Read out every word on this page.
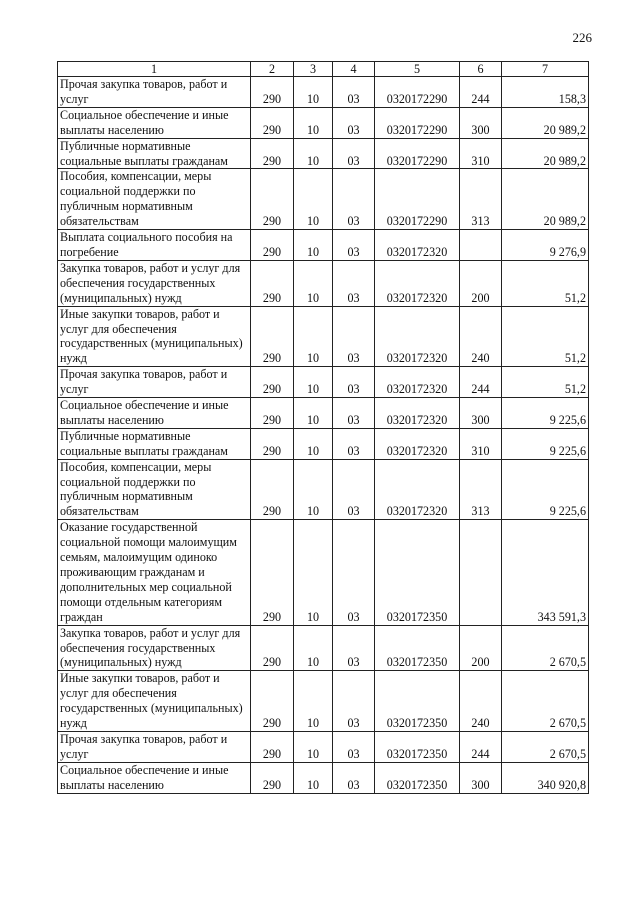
226
1	2	3	4	5	6	7
Прочая закупка товаров, работ и услуг	290	10	03	0320172290	244	158,3
Социальное обеспечение и иные выплаты населению	290	10	03	0320172290	300	20 989,2
Публичные нормативные социальные выплаты гражданам	290	10	03	0320172290	310	20 989,2
Пособия, компенсации, меры социальной поддержки по публичным нормативным обязательствам	290	10	03	0320172290	313	20 989,2
Выплата социального пособия на погребение	290	10	03	0320172320		9 276,9
Закупка товаров, работ и услуг для обеспечения государственных (муниципальных) нужд	290	10	03	0320172320	200	51,2
Иные закупки товаров, работ и услуг для обеспечения государственных (муниципальных) нужд	290	10	03	0320172320	240	51,2
Прочая закупка товаров, работ и услуг	290	10	03	0320172320	244	51,2
Социальное обеспечение и иные выплаты населению	290	10	03	0320172320	300	9 225,6
Публичные нормативные социальные выплаты гражданам	290	10	03	0320172320	310	9 225,6
Пособия, компенсации, меры социальной поддержки по публичным нормативным обязательствам	290	10	03	0320172320	313	9 225,6
Оказание государственной социальной помощи малоимущим семьям, малоимущим одиноко проживающим гражданам и дополнительных мер социальной помощи отдельным категориям граждан	290	10	03	0320172350		343 591,3
Закупка товаров, работ и услуг для обеспечения государственных (муниципальных) нужд	290	10	03	0320172350	200	2 670,5
Иные закупки товаров, работ и услуг для обеспечения государственных (муниципальных) нужд	290	10	03	0320172350	240	2 670,5
Прочая закупка товаров, работ и услуг	290	10	03	0320172350	244	2 670,5
Социальное обеспечение и иные выплаты населению	290	10	03	0320172350	300	340 920,8
